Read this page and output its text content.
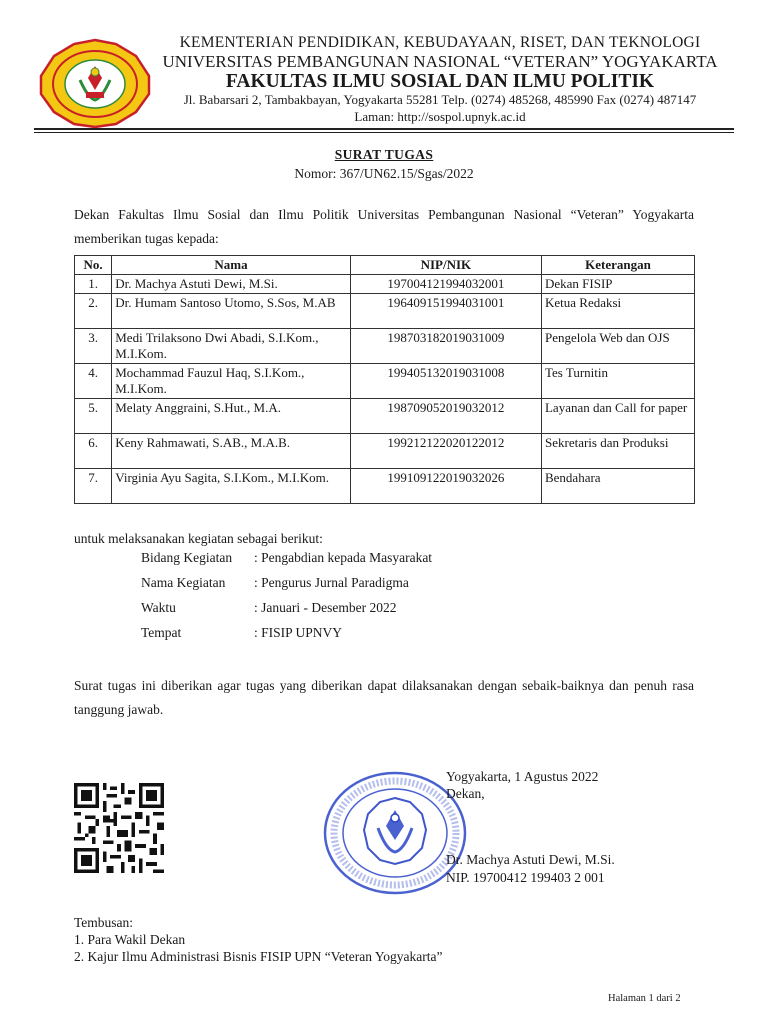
KEMENTERIAN PENDIDIKAN, KEBUDAYAAN, RISET, DAN TEKNOLOGI
UNIVERSITAS PEMBANGUNAN NASIONAL “VETERAN” YOGYAKARTA
FAKULTAS ILMU SOSIAL DAN ILMU POLITIK
Jl. Babarsari 2, Tambakbayan, Yogyakarta 55281 Telp. (0274) 485268, 485990 Fax (0274) 487147
Laman: http://sospol.upnyk.ac.id
SURAT TUGAS
Nomor: 367/UN62.15/Sgas/2022
Dekan Fakultas Ilmu Sosial dan Ilmu Politik Universitas Pembangunan Nasional “Veteran” Yogyakarta memberikan tugas kepada:
No.	Nama	NIP/NIK	Keterangan
1.	Dr. Machya Astuti Dewi, M.Si.	197004121994032001	Dekan FISIP
2.	Dr. Humam Santoso Utomo, S.Sos, M.AB	196409151994031001	Ketua Redaksi
3.	Medi Trilaksono Dwi Abadi, S.I.Kom., M.I.Kom.	198703182019031009	Pengelola Web dan OJS
4.	Mochammad Fauzul Haq, S.I.Kom., M.I.Kom.	199405132019031008	Tes Turnitin
5.	Melaty Anggraini, S.Hut., M.A.	198709052019032012	Layanan dan Call for paper
6.	Keny Rahmawati, S.AB., M.A.B.	199212122020122012	Sekretaris dan Produksi
7.	Virginia Ayu Sagita, S.I.Kom., M.I.Kom.	199109122019032026	Bendahara
untuk melaksanakan kegiatan sebagai berikut:
Bidang Kegiatan : Pengabdian kepada Masyarakat
Nama Kegiatan : Pengurus Jurnal Paradigma
Waktu	: Januari - Desember 2022
Tempat	: FISIP UPNVY
Surat tugas ini diberikan agar tugas yang diberikan dapat dilaksanakan dengan sebaik-baiknya dan penuh rasa tanggung jawab.
Yogyakarta, 1 Agustus 2022
Dekan,
Dr. Machya Astuti Dewi, M.Si.
NIP. 19700412 199403 2 001
Tembusan:
1. Para Wakil Dekan
2. Kajur Ilmu Administrasi Bisnis FISIP UPN “Veteran Yogyakarta”
Halaman 1 dari 2
